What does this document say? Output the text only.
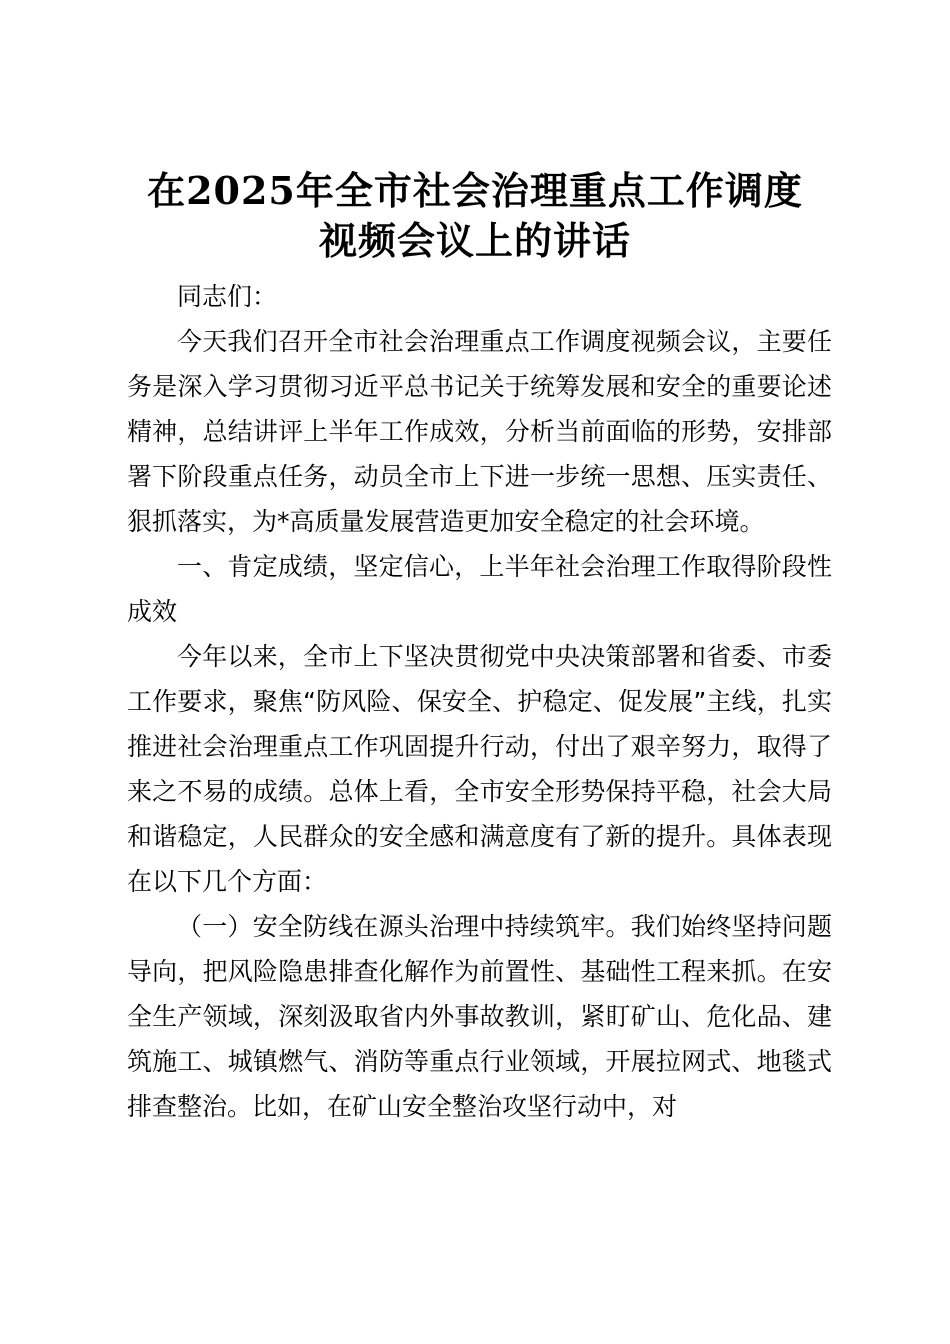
在2025年全市社会治理重点工作调度
视频会议上的讲话

同志们：

今天我们召开全市社会治理重点工作调度视频会议，主要任务是深入学习贯彻习近平总书记关于统筹发展和安全的重要论述精神，总结讲评上半年工作成效，分析当前面临的形势，安排部署下阶段重点任务，动员全市上下进一步统一思想、压实责任、狠抓落实，为*高质量发展营造更加安全稳定的社会环境。

一、肯定成绩，坚定信心，上半年社会治理工作取得阶段性成效

今年以来，全市上下坚决贯彻党中央决策部署和省委、市委工作要求，聚焦“防风险、保安全、护稳定、促发展”主线，扎实推进社会治理重点工作巩固提升行动，付出了艰辛努力，取得了来之不易的成绩。总体上看，全市安全形势保持平稳，社会大局和谐稳定，人民群众的安全感和满意度有了新的提升。具体表现在以下几个方面：

（一）安全防线在源头治理中持续筑牢。我们始终坚持问题导向，把风险隐患排查化解作为前置性、基础性工程来抓。在安全生产领域，深刻汲取省内外事故教训，紧盯矿山、危化品、建筑施工、城镇燃气、消防等重点行业领域，开展拉网式、地毯式排查整治。比如，在矿山安全整治攻坚行动中，对
